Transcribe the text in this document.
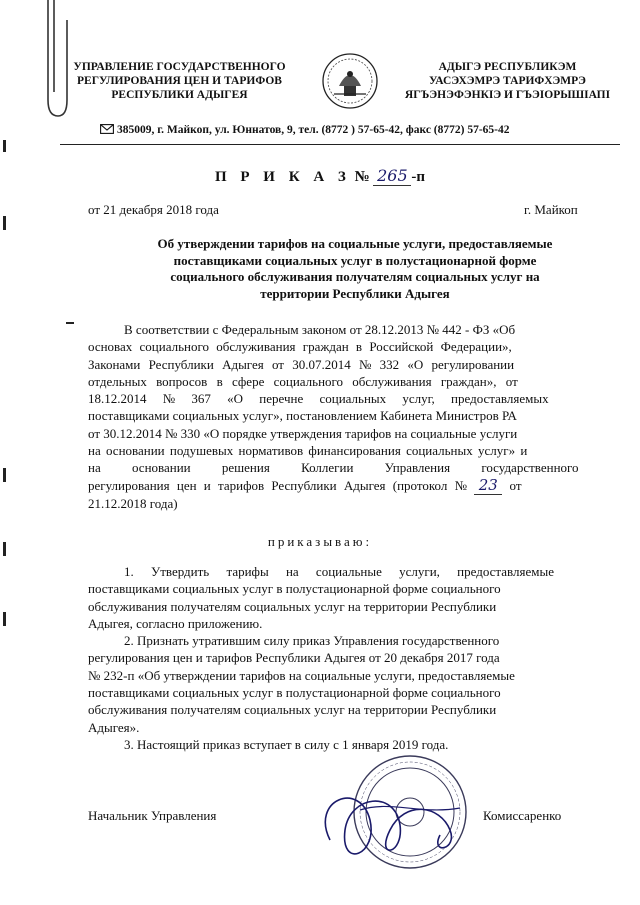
УПРАВЛЕНИЕ ГОСУДАРСТВЕННОГО
РЕГУЛИРОВАНИЯ ЦЕН И ТАРИФОВ
РЕСПУБЛИКИ АДЫГЕЯ
АДЫГЭ РЕСПУБЛИКЭМ
УАСЭХЭМРЭ ТАРИФХЭМРЭ
ЯГЪЭНЭФЭНКІЭ И ГЪЭІОРЫШІАПІ
385009, г. Майкоп, ул. Юннатов, 9, тел. (8772 ) 57-65-42, факс (8772) 57-65-42
П Р И К А З № 265 -п
от 21 декабря 2018 года	г. Майкоп
Об утверждении тарифов на социальные услуги, предоставляемые
поставщиками социальных услуг в полустационарной форме
социального обслуживания получателям социальных услуг на
территории Республики Адыгея
В соответствии с Федеральным законом от 28.12.2013 № 442 - ФЗ «Об
основах социального обслуживания граждан в Российской Федерации»,
Законами Республики Адыгея от 30.07.2014 № 332 «О регулировании
отдельных вопросов в сфере социального обслуживания граждан», от
18.12.2014 № 367 «О перечне социальных услуг, предоставляемых
поставщиками социальных услуг», постановлением Кабинета Министров РА
от 30.12.2014 № 330 «О порядке утверждения тарифов на социальные услуги
на основании подушевых нормативов финансирования социальных услуг» и
на основании решения Коллегии Управления государственного
регулирования цен и тарифов Республики Адыгея (протокол № 23 от
21.12.2018 года)
приказываю:
1. Утвердить тарифы на социальные услуги, предоставляемые
поставщиками социальных услуг в полустационарной форме социального
обслуживания получателям социальных услуг на территории Республики
Адыгея, согласно приложению.
2. Признать утратившим силу приказ Управления государственного
регулирования цен и тарифов Республики Адыгея от 20 декабря 2017 года
№ 232-п «Об утверждении тарифов на социальные услуги, предоставляемые
поставщиками социальных услуг в полустационарной форме социального
обслуживания получателям социальных услуг на территории Республики
Адыгея».
3. Настоящий приказ вступает в силу с 1 января 2019 года.
Начальник Управления	Комиссаренко
